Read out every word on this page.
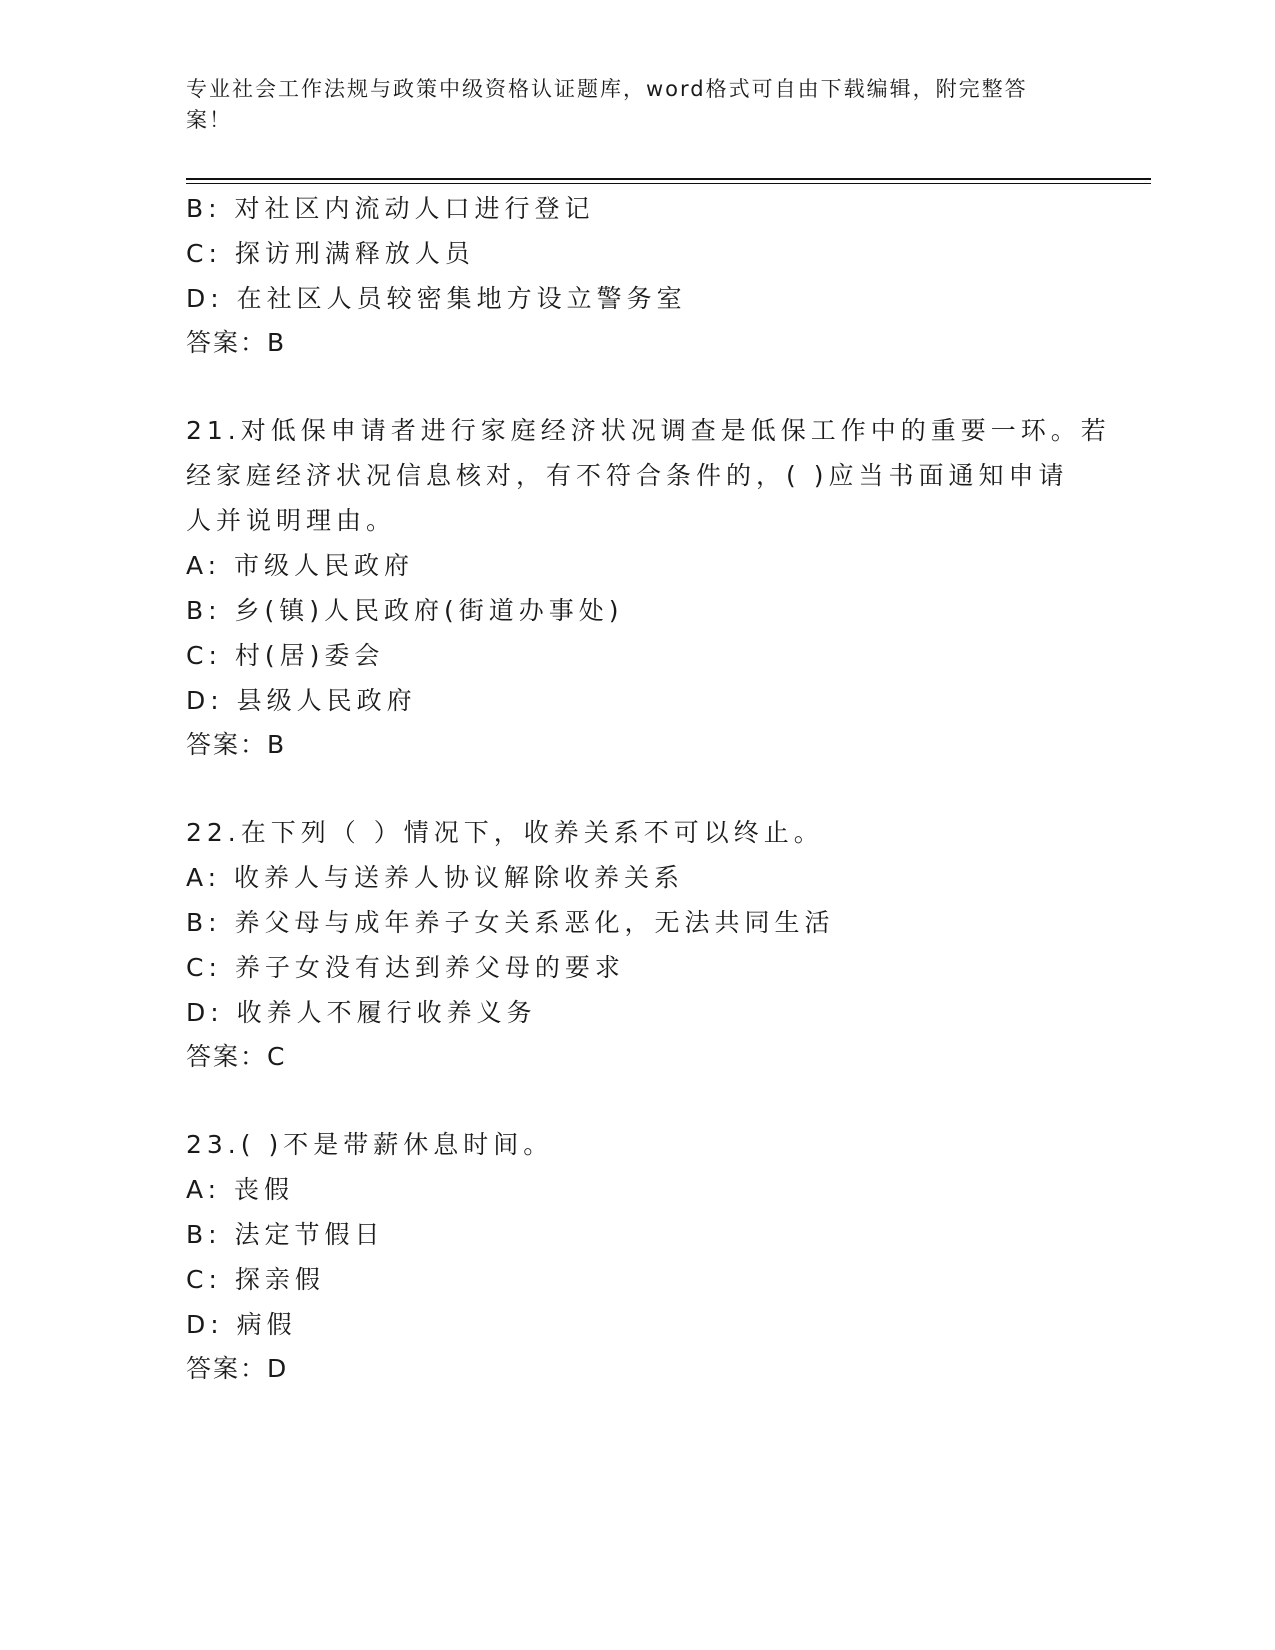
专业社会工作法规与政策中级资格认证题库，word格式可自由下载编辑，附完整答案！
B: 对社区内流动人口进行登记
C: 探访刑满释放人员
D: 在社区人员较密集地方设立警务室
答案：B
21.对低保申请者进行家庭经济状况调查是低保工作中的重要一环。若
经家庭经济状况信息核对，有不符合条件的，( )应当书面通知申请
人并说明理由。
A: 市级人民政府
B: 乡(镇)人民政府(街道办事处)
C: 村(居)委会
D: 县级人民政府
答案：B
22.在下列（ ）情况下，收养关系不可以终止。
A: 收养人与送养人协议解除收养关系
B: 养父母与成年养子女关系恶化，无法共同生活
C: 养子女没有达到养父母的要求
D: 收养人不履行收养义务
答案：C
23.( )不是带薪休息时间。
A: 丧假
B: 法定节假日
C: 探亲假
D: 病假
答案：D
